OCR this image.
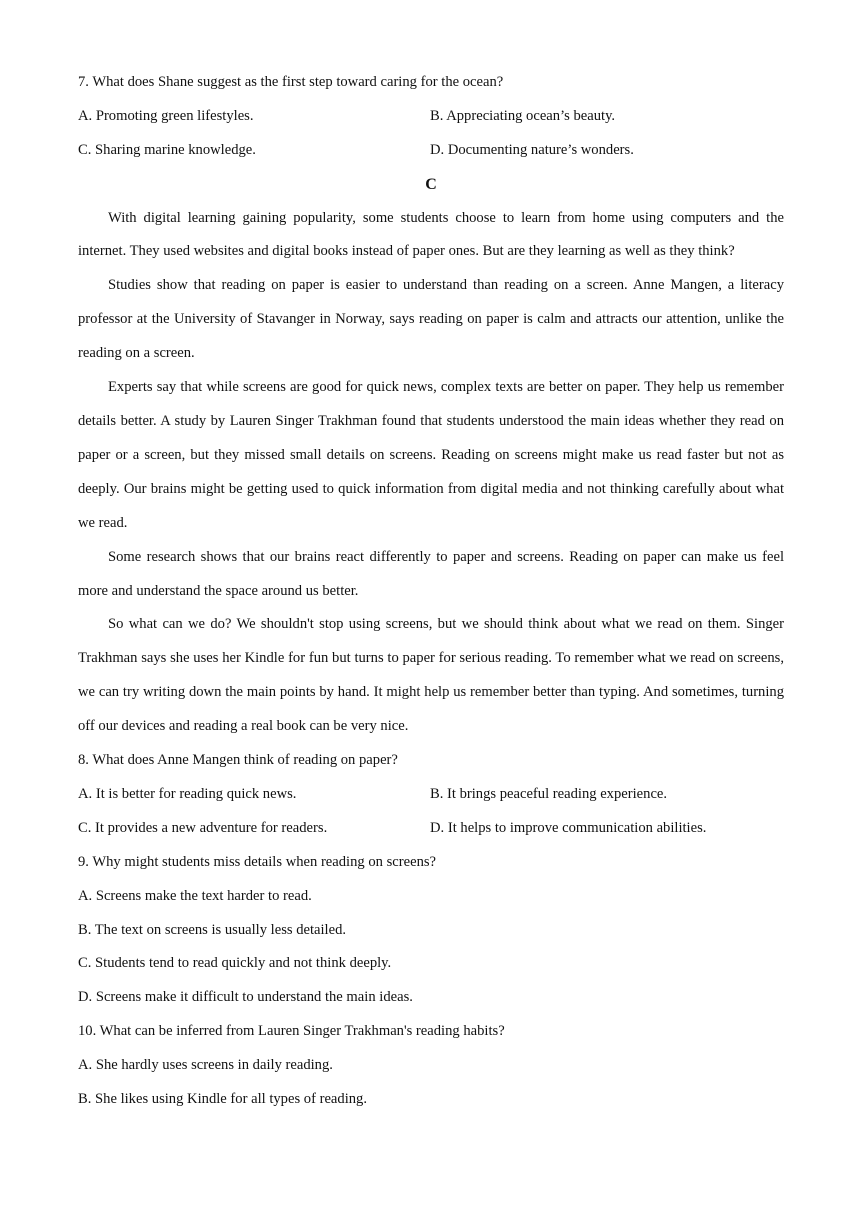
7. What does Shane suggest as the first step toward caring for the ocean?
A. Promoting green lifestyles.	B. Appreciating ocean’s beauty.
C. Sharing marine knowledge.	D. Documenting nature’s wonders.
C
With digital learning gaining popularity, some students choose to learn from home using computers and the internet. They used websites and digital books instead of paper ones. But are they learning as well as they think?
Studies show that reading on paper is easier to understand than reading on a screen. Anne Mangen, a literacy professor at the University of Stavanger in Norway, says reading on paper is calm and attracts our attention, unlike the reading on a screen.
Experts say that while screens are good for quick news, complex texts are better on paper. They help us remember details better. A study by Lauren Singer Trakhman found that students understood the main ideas whether they read on paper or a screen, but they missed small details on screens. Reading on screens might make us read faster but not as deeply. Our brains might be getting used to quick information from digital media and not thinking carefully about what we read.
Some research shows that our brains react differently to paper and screens. Reading on paper can make us feel more and understand the space around us better.
So what can we do? We shouldn't stop using screens, but we should think about what we read on them. Singer Trakhman says she uses her Kindle for fun but turns to paper for serious reading. To remember what we read on screens, we can try writing down the main points by hand. It might help us remember better than typing. And sometimes, turning off our devices and reading a real book can be very nice.
8. What does Anne Mangen think of reading on paper?
A. It is better for reading quick news.	B. It brings peaceful reading experience.
C. It provides a new adventure for readers.	D. It helps to improve communication abilities.
9. Why might students miss details when reading on screens?
A. Screens make the text harder to read.
B. The text on screens is usually less detailed.
C. Students tend to read quickly and not think deeply.
D. Screens make it difficult to understand the main ideas.
10. What can be inferred from Lauren Singer Trakhman's reading habits?
A. She hardly uses screens in daily reading.
B. She likes using Kindle for all types of reading.
